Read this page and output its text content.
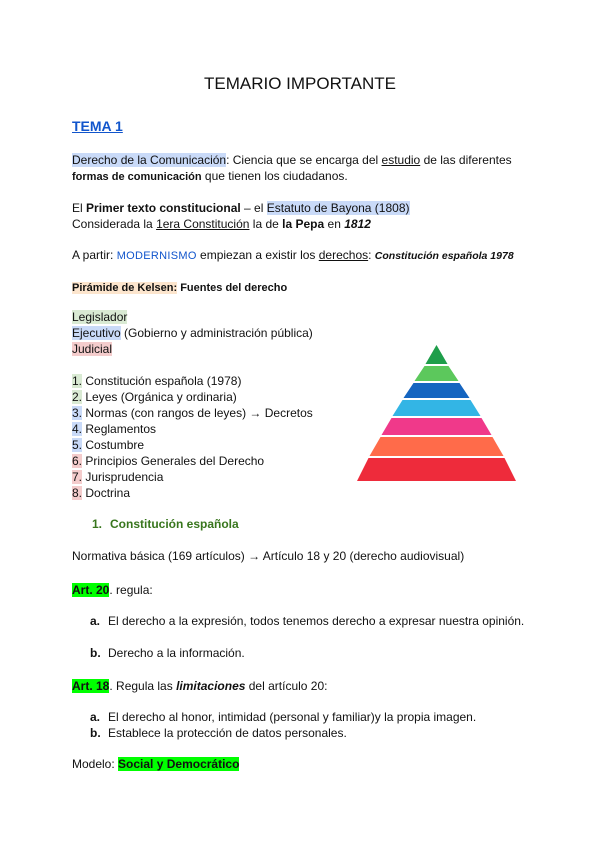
TEMARIO IMPORTANTE
TEMA 1
Derecho de la Comunicación: Ciencia que se encarga del estudio de las diferentes
formas de comunicación que tienen los ciudadanos.
El Primer texto constitucional – el Estatuto de Bayona (1808)
Considerada la 1era Constitución la de la Pepa en 1812
A partir: MODERNISMO empiezan a existir los derechos: Constitución española 1978
Pirámide de Kelsen: Fuentes del derecho
Legislador
Ejecutivo (Gobierno y administración pública)
Judicial
1. Constitución española (1978)
2. Leyes (Orgánica y ordinaria)
3. Normas (con rangos de leyes) → Decretos
4. Reglamentos
5. Costumbre
6. Principios Generales del Derecho
7. Jurisprudencia
8. Doctrina
1. Constitución española
Normativa básica (169 artículos) → Artículo 18 y 20 (derecho audiovisual)
Art. 20. regula:
a. El derecho a la expresión, todos tenemos derecho a expresar nuestra opinión.
b. Derecho a la información.
Art. 18. Regula las limitaciones del artículo 20:
a. El derecho al honor, intimidad (personal y familiar)y la propia imagen.
b. Establece la protección de datos personales.
Modelo: Social y Democrático
